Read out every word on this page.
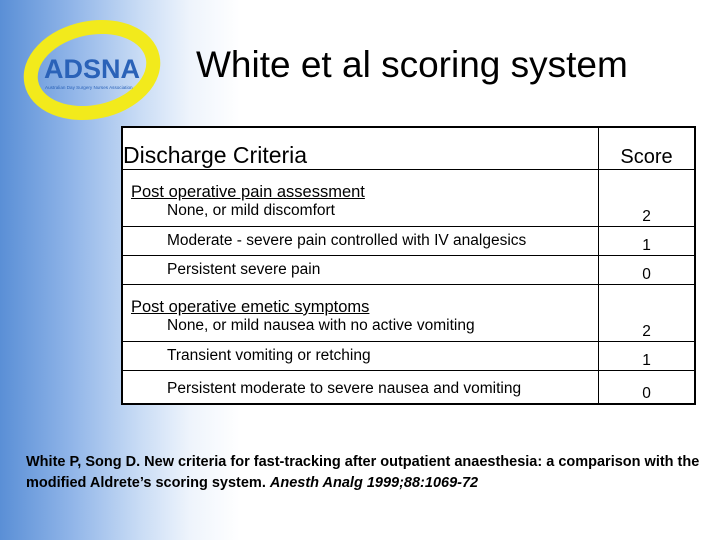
ADSNA
Australian Day Surgery Nurses Association
White et al scoring system
Discharge Criteria	Score

Post operative pain assessment
None, or mild discomfort	2

Moderate - severe pain controlled with IV analgesics	1

Persistent severe pain	0

Post operative emetic symptoms
None, or mild nausea with no active vomiting	2

Transient vomiting or retching	1

Persistent moderate to severe nausea and vomiting	0
White P, Song D. New criteria for fast-tracking after outpatient anaesthesia: a comparison with the modified Aldrete’s scoring system. Anesth Analg 1999;88:1069-72
